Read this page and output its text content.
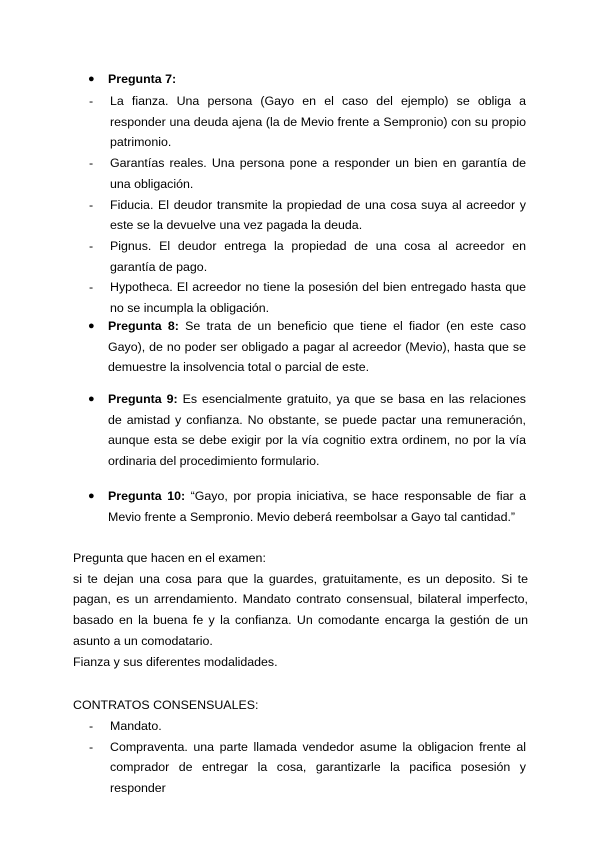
● Pregunta 7:
- La fianza. Una persona (Gayo en el caso del ejemplo) se obliga a responder una deuda ajena (la de Mevio frente a Sempronio) con su propio patrimonio.
- Garantías reales. Una persona pone a responder un bien en garantía de una obligación.
- Fiducia. El deudor transmite la propiedad de una cosa suya al acreedor y este se la devuelve una vez pagada la deuda.
- Pignus. El deudor entrega la propiedad de una cosa al acreedor en garantía de pago.
- Hypotheca. El acreedor no tiene la posesión del bien entregado hasta que no se incumpla la obligación.
● Pregunta 8: Se trata de un beneficio que tiene el fiador (en este caso Gayo), de no poder ser obligado a pagar al acreedor (Mevio), hasta que se demuestre la insolvencia total o parcial de este.
● Pregunta 9: Es esencialmente gratuito, ya que se basa en las relaciones de amistad y confianza. No obstante, se puede pactar una remuneración, aunque esta se debe exigir por la vía cognitio extra ordinem, no por la vía ordinaria del procedimiento formulario.
● Pregunta 10: “Gayo, por propia iniciativa, se hace responsable de fiar a Mevio frente a Sempronio. Mevio deberá reembolsar a Gayo tal cantidad.”

Pregunta que hacen en el examen:

si te dejan una cosa para que la guardes, gratuitamente, es un deposito. Si te pagan, es un arrendamiento. Mandato contrato consensual, bilateral imperfecto, basado en la buena fe y la confianza. Un comodante encarga la gestión de un asunto a un comodatario.

Fianza y sus diferentes modalidades.

CONTRATOS CONSENSUALES:
- Mandato.
- Compraventa. una parte llamada vendedor asume la obligacion frente al comprador de entregar la cosa, garantizarle la pacifica posesión y responder
